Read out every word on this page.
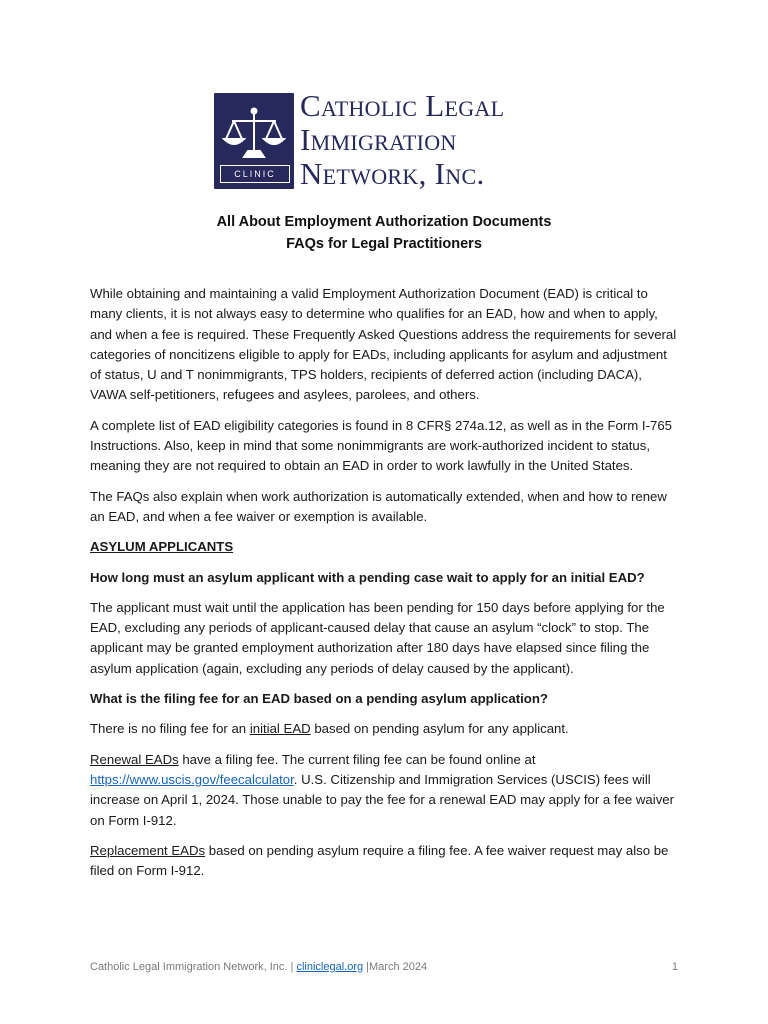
CLINIC
Catholic Legal
Immigration
Network, Inc.
All About Employment Authorization Documents
FAQs for Legal Practitioners

While obtaining and maintaining a valid Employment Authorization Document (EAD) is critical to many clients, it is not always easy to determine who qualifies for an EAD, how and when to apply, and when a fee is required. These Frequently Asked Questions address the requirements for several categories of noncitizens eligible to apply for EADs, including applicants for asylum and adjustment of status, U and T nonimmigrants, TPS holders, recipients of deferred action (including DACA), VAWA self-petitioners, refugees and asylees, parolees, and others.

A complete list of EAD eligibility categories is found in 8 CFR§ 274a.12, as well as in the Form I-765 Instructions. Also, keep in mind that some nonimmigrants are work-authorized incident to status, meaning they are not required to obtain an EAD in order to work lawfully in the United States.

The FAQs also explain when work authorization is automatically extended, when and how to renew an EAD, and when a fee waiver or exemption is available.

ASYLUM APPLICANTS

How long must an asylum applicant with a pending case wait to apply for an initial EAD?

The applicant must wait until the application has been pending for 150 days before applying for the EAD, excluding any periods of applicant-caused delay that cause an asylum “clock” to stop. The applicant may be granted employment authorization after 180 days have elapsed since filing the asylum application (again, excluding any periods of delay caused by the applicant).

What is the filing fee for an EAD based on a pending asylum application?

There is no filing fee for an initial EAD based on pending asylum for any applicant.

Renewal EADs have a filing fee. The current filing fee can be found online at https://www.uscis.gov/feecalculator. U.S. Citizenship and Immigration Services (USCIS) fees will increase on April 1, 2024. Those unable to pay the fee for a renewal EAD may apply for a fee waiver on Form I-912.

Replacement EADs based on pending asylum require a filing fee. A fee waiver request may also be filed on Form I-912.

Catholic Legal Immigration Network, Inc. | cliniclegal.org |March 2024	1
